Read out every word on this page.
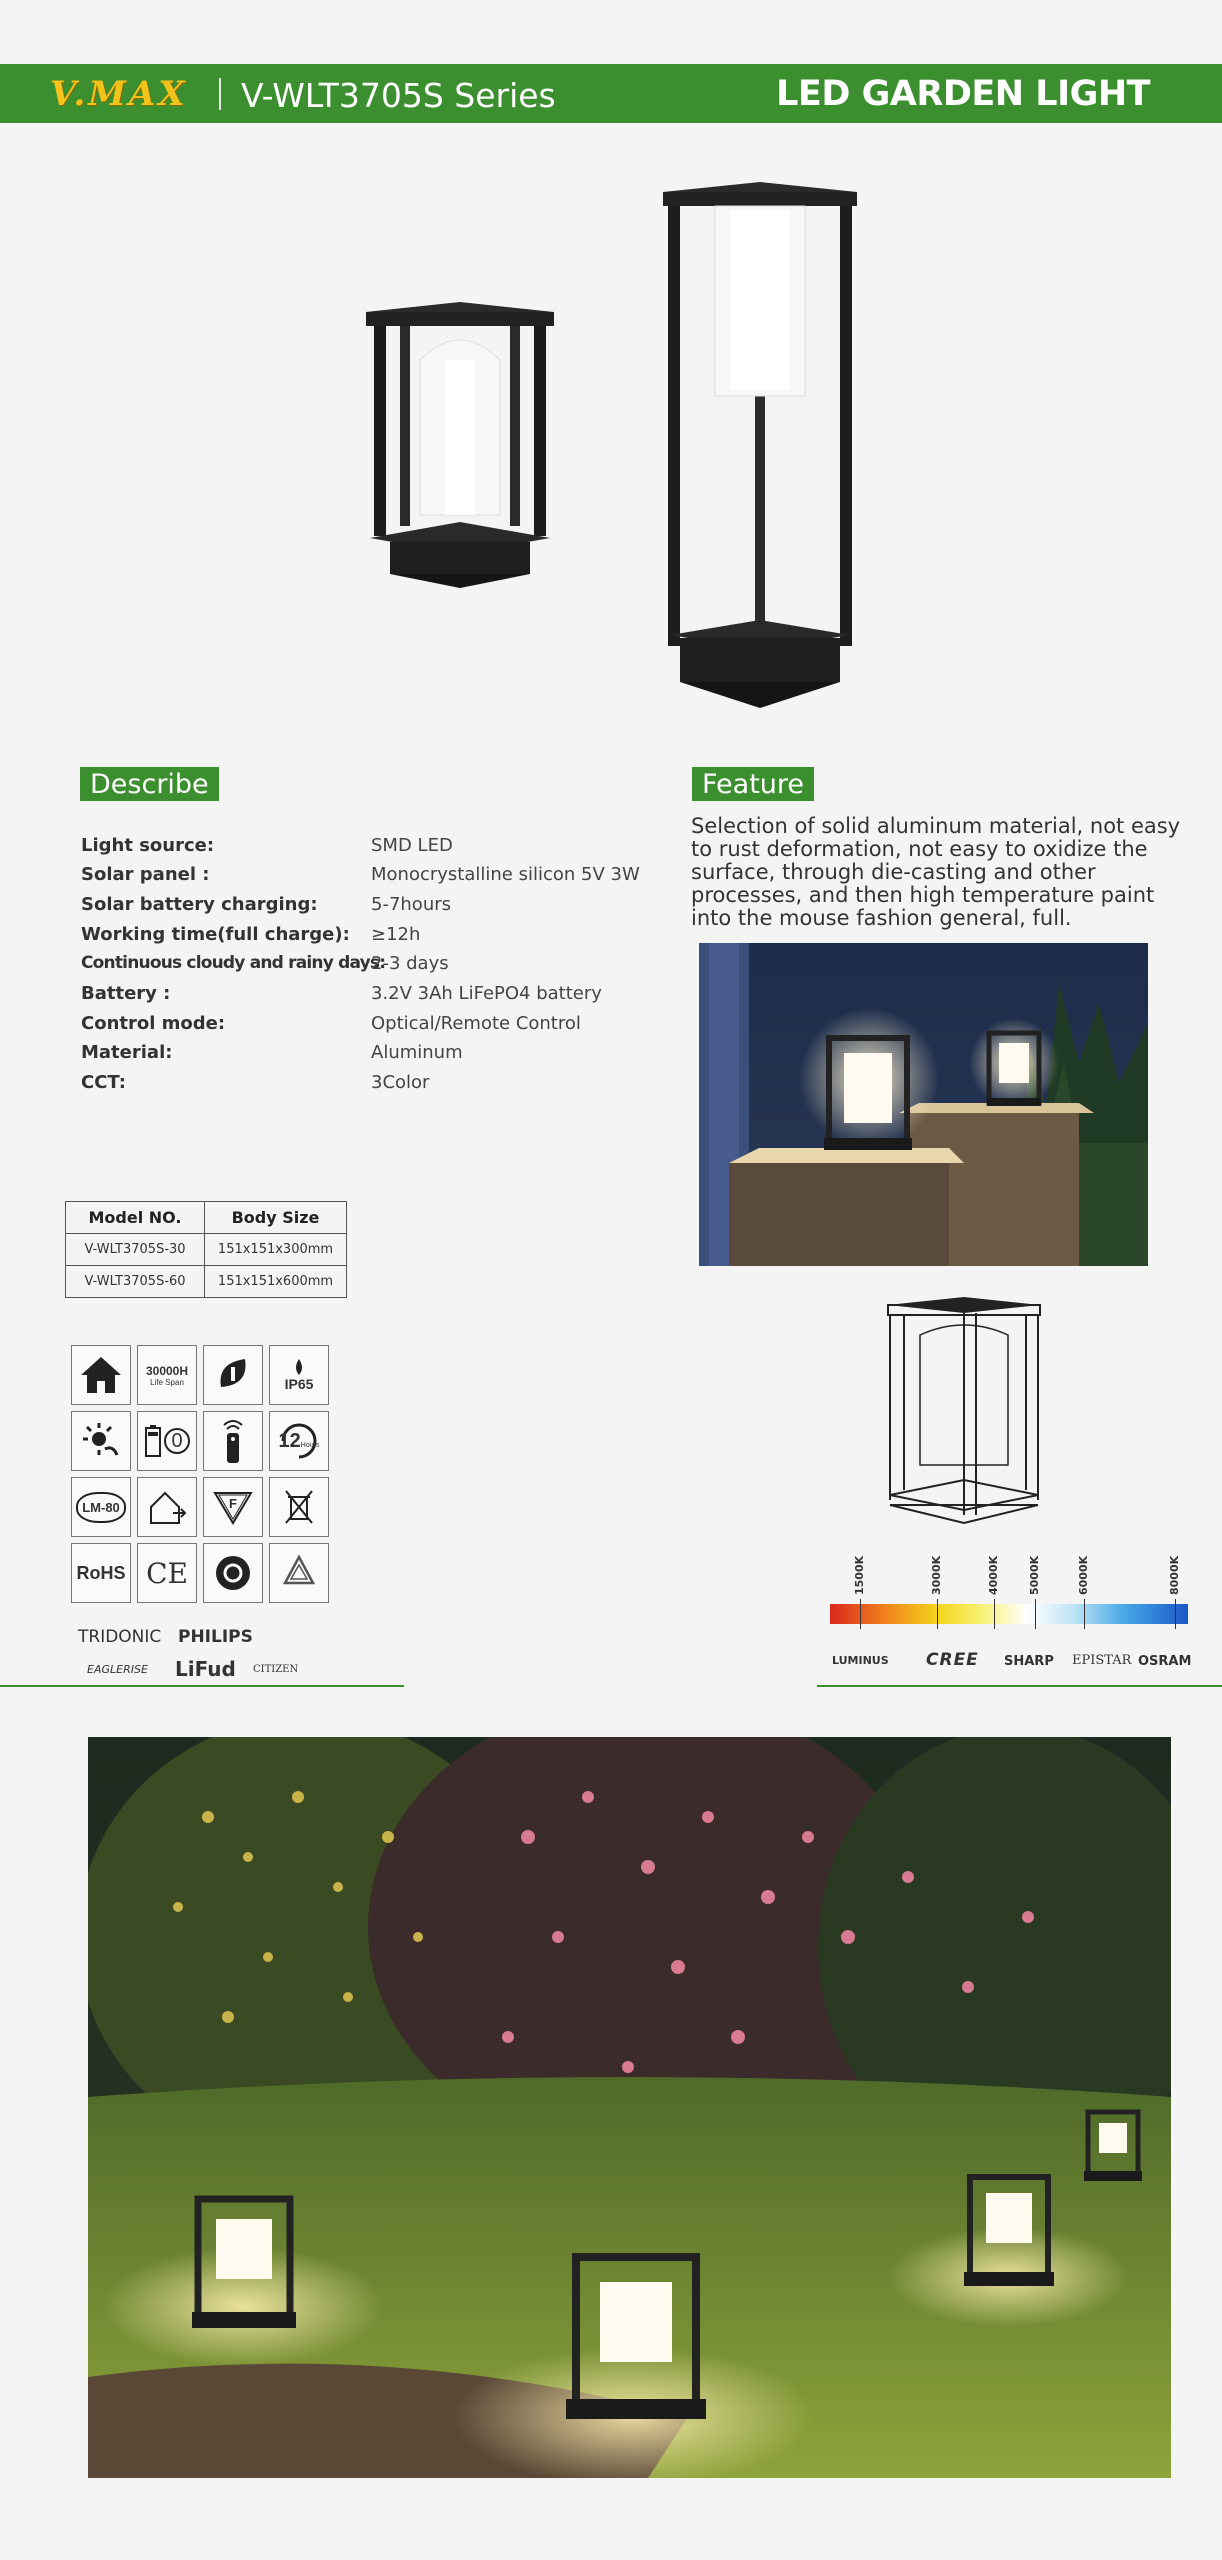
V.MAX V-WLT3705S Series	LED GARDEN LIGHT
Describe
Light source:	SMD LED
Solar panel :	Monocrystalline silicon 5V 3W
Solar battery charging:	5-7hours
Working time(full charge): ≥12h
Continuous cloudy and rainy days:
2-3 days
Battery :	3.2V 3Ah LiFePO4 battery
Control mode:	Optical/Remote Control
Material:	Aluminum
CCT:	3Color
Feature
Selection of solid aluminum material, not easy to rust deformation, not easy to oxidize the surface, through die-casting and other processes, and then high temperature paint into the mouse fashion general, full.
Model NO.	Body Size
V-WLT3705S-30	151x151x300mm
V-WLT3705S-60	151x151x600mm
30000H
Life Span	IP65
0	12 Hours
LM-80	F
RoHS CE
TRIDONIC PHILIPS
EAGLERISE LiFud CITIZEN
1500K	3000K	4000K	5000K	6000K	8000K
LUMINUS CREE SHARP EPISTAR OSRAM
